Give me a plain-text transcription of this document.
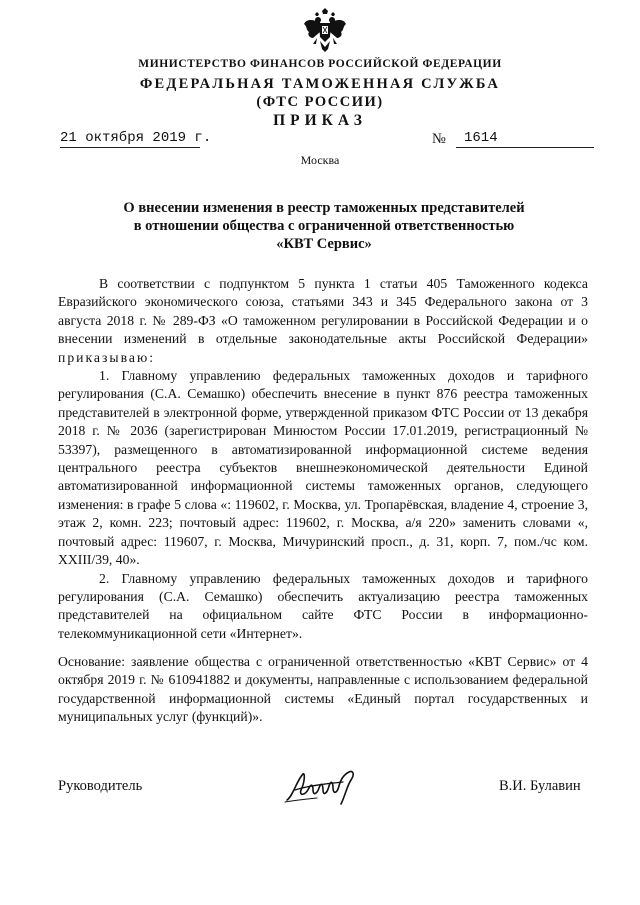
МИНИСТЕРСТВО ФИНАНСОВ РОССИЙСКОЙ ФЕДЕРАЦИИ
ФЕДЕРАЛЬНАЯ ТАМОЖЕННАЯ СЛУЖБА
(ФТС РОССИИ)
ПРИКАЗ
21 октября 2019 г.	№	1614
Москва
О внесении изменения в реестр таможенных представителей
в отношении общества с ограниченной ответственностью
«КВТ Сервис»

В соответствии с подпунктом 5 пункта 1 статьи 405 Таможенного кодекса Евразийского экономического союза, статьями 343 и 345 Федерального закона от 3 августа 2018 г. № 289-ФЗ «О таможенном регулировании в Российской Федерации и о внесении изменений в отдельные законодательные акты Российской Федерации» приказываю:

1. Главному управлению федеральных таможенных доходов и тарифного регулирования (С.А. Семашко) обеспечить внесение в пункт 876 реестра таможенных представителей в электронной форме, утвержденной приказом ФТС России от 13 декабря 2018 г. № 2036 (зарегистрирован Минюстом России 17.01.2019, регистрационный № 53397), размещенного в автоматизированной информационной системе ведения центрального реестра субъектов внешнеэкономической деятельности Единой автоматизированной информационной системы таможенных органов, следующего изменения: в графе 5 слова «: 119602, г. Москва, ул. Тропарёвская, владение 4, строение 3, этаж 2, комн. 223; почтовый адрес: 119602, г. Москва, а/я 220» заменить словами «, почтовый адрес: 119607, г. Москва, Мичуринский просп., д. 31, корп. 7, пом./чс ком. XXIII/39, 40».

2. Главному управлению федеральных таможенных доходов и тарифного регулирования (С.А. Семашко) обеспечить актуализацию реестра таможенных представителей на официальном сайте ФТС России в информационно-телекоммуникационной сети «Интернет».

Основание: заявление общества с ограниченной ответственностью «КВТ Сервис» от 4 октября 2019 г. № 610941882 и документы, направленные с использованием федеральной государственной информационной системы «Единый портал государственных и муниципальных услуг (функций)».

Руководитель	В.И. Булавин
